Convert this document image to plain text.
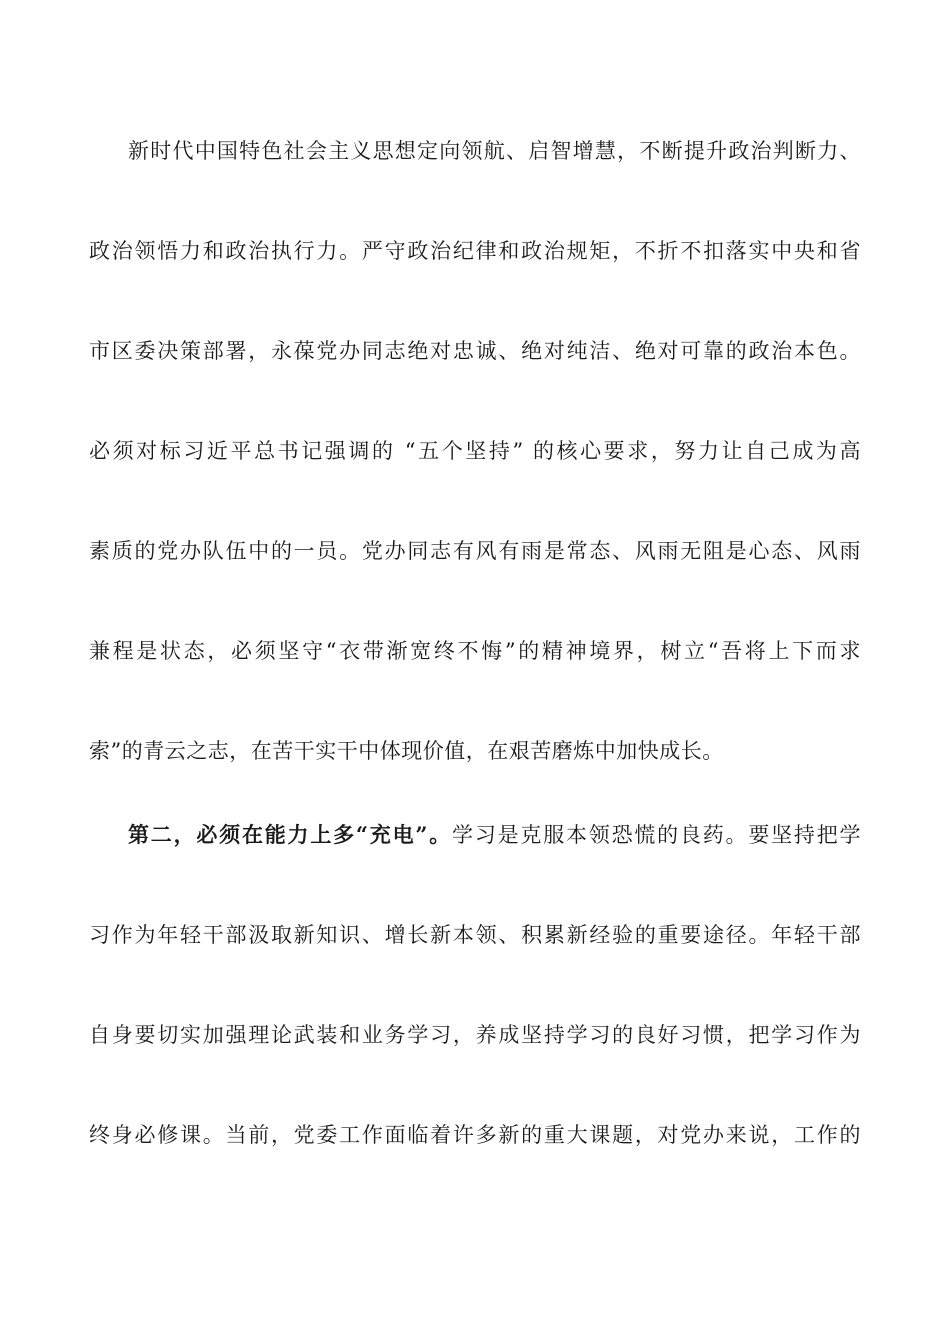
新时代中国特色社会主义思想定向领航、启智增慧，不断提升政治判断力、
政治领悟力和政治执行力。严守政治纪律和政治规矩，不折不扣落实中央和省
市区委决策部署，永葆党办同志绝对忠诚、绝对纯洁、绝对可靠的政治本色。
必须对标习近平总书记强调的 “五个坚持” 的核心要求，努力让自己成为高
素质的党办队伍中的一员。党办同志有风有雨是常态、风雨无阻是心态、风雨
兼程是状态，必须坚守“衣带渐宽终不悔”的精神境界，树立“吾将上下而求
索”的青云之志，在苦干实干中体现价值，在艰苦磨炼中加快成长。
第二，必须在能力上多“充电”。学习是克服本领恐慌的良药。要坚持把学
习作为年轻干部汲取新知识、增长新本领、积累新经验的重要途径。年轻干部
自身要切实加强理论武装和业务学习，养成坚持学习的良好习惯，把学习作为
终身必修课。当前，党委工作面临着许多新的重大课题，对党办来说，工作的
